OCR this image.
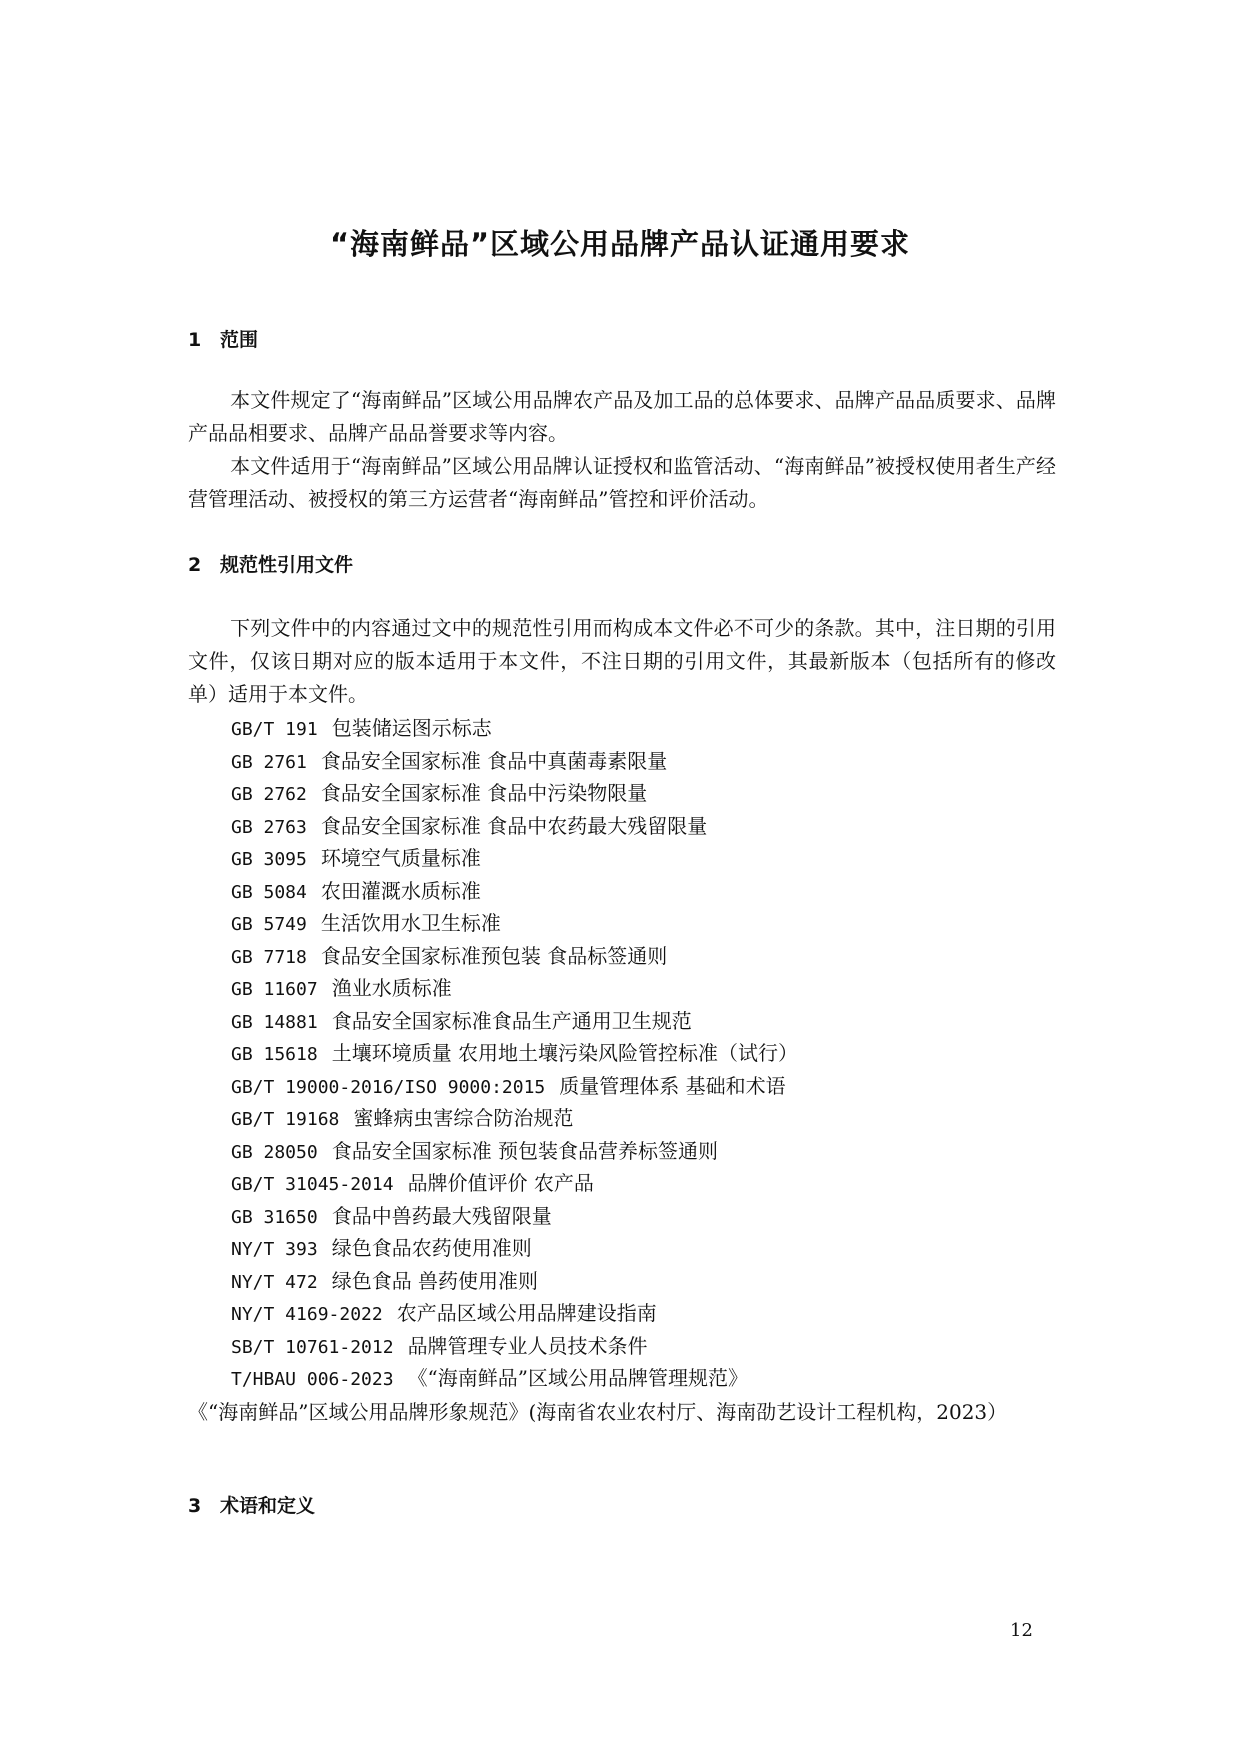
“海南鲜品”区域公用品牌产品认证通用要求
1 范围
本文件规定了“海南鲜品”区域公用品牌农产品及加工品的总体要求、品牌产品品质要求、品牌产品品相要求、品牌产品品誉要求等内容。
本文件适用于“海南鲜品”区域公用品牌认证授权和监管活动、“海南鲜品”被授权使用者生产经营管理活动、被授权的第三方运营者“海南鲜品”管控和评价活动。
2 规范性引用文件
下列文件中的内容通过文中的规范性引用而构成本文件必不可少的条款。其中，注日期的引用文件，仅该日期对应的版本适用于本文件，不注日期的引用文件，其最新版本（包括所有的修改单）适用于本文件。
GB/T 191 包装储运图示标志
GB 2761 食品安全国家标准 食品中真菌毒素限量
GB 2762 食品安全国家标准 食品中污染物限量
GB 2763 食品安全国家标准 食品中农药最大残留限量
GB 3095 环境空气质量标准
GB 5084 农田灌溉水质标准
GB 5749 生活饮用水卫生标准
GB 7718 食品安全国家标准预包装 食品标签通则
GB 11607 渔业水质标准
GB 14881 食品安全国家标准食品生产通用卫生规范
GB 15618 土壤环境质量 农用地土壤污染风险管控标准（试行）
GB/T 19000-2016/ISO 9000:2015 质量管理体系 基础和术语
GB/T 19168 蜜蜂病虫害综合防治规范
GB 28050 食品安全国家标准 预包装食品营养标签通则
GB/T 31045-2014 品牌价值评价 农产品
GB 31650 食品中兽药最大残留限量
NY/T 393 绿色食品农药使用准则
NY/T 472 绿色食品 兽药使用准则
NY/T 4169-2022 农产品区域公用品牌建设指南
SB/T 10761-2012 品牌管理专业人员技术条件
T/HBAU 006-2023 《“海南鲜品”区域公用品牌管理规范》
《“海南鲜品”区域公用品牌形象规范》(海南省农业农村厅、海南劭艺设计工程机构，2023）
3 术语和定义
12
